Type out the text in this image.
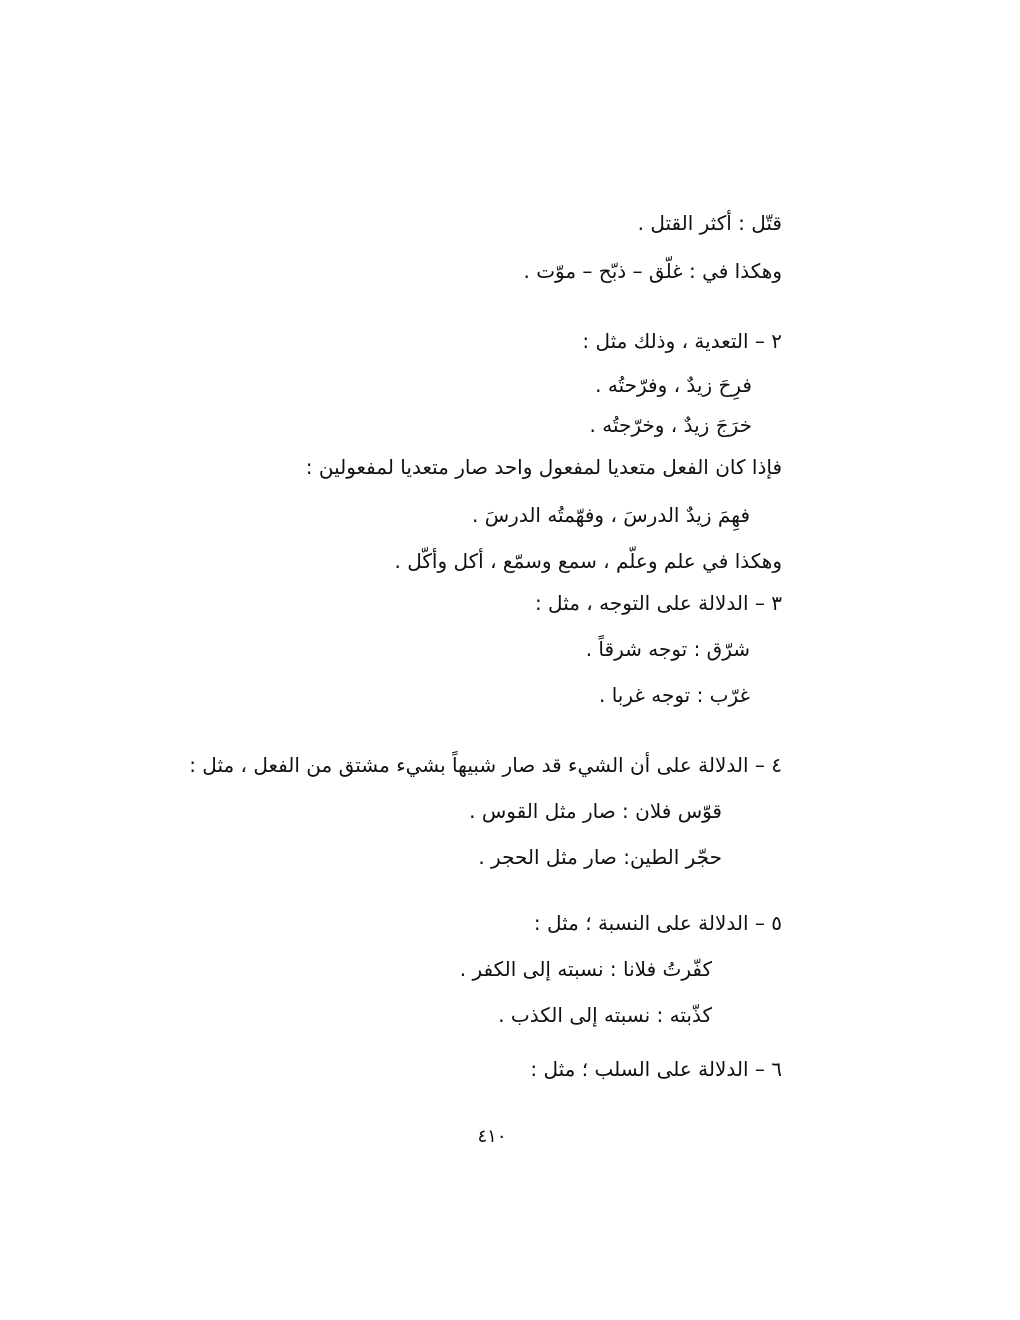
قتّل : أكثر القتل .
وهكذا في : غلّق – ذبّح – موّت .
٢ – التعدية ، وذلك مثل :
فرِحَ زيدٌ ، وفرّحتُه .
خرَجَ زيدٌ ، وخرّجتُه .
فإذا كان الفعل متعديا لمفعول واحد صار متعديا لمفعولين :
فهِمَ زيدٌ الدرسَ ، وفهّمتُه الدرسَ .
وهكذا في علم وعلّم ، سمع وسمّع ، أكل وأكّل .
٣ – الدلالة على التوجه ، مثل :
شرّق : توجه شرقاً .
غرّب : توجه غربا .
٤ – الدلالة على أن الشيء قد صار شبيهاً بشيء مشتق من الفعل ، مثل :
قوّس فلان : صار مثل القوس .
حجّر الطين: صار مثل الحجر .
٥ – الدلالة على النسبة ؛ مثل :
كفّرتُ فلانا : نسبته إلى الكفر .
كذّبته : نسبته إلى الكذب .
٦ – الدلالة على السلب ؛ مثل :
٤١٠
